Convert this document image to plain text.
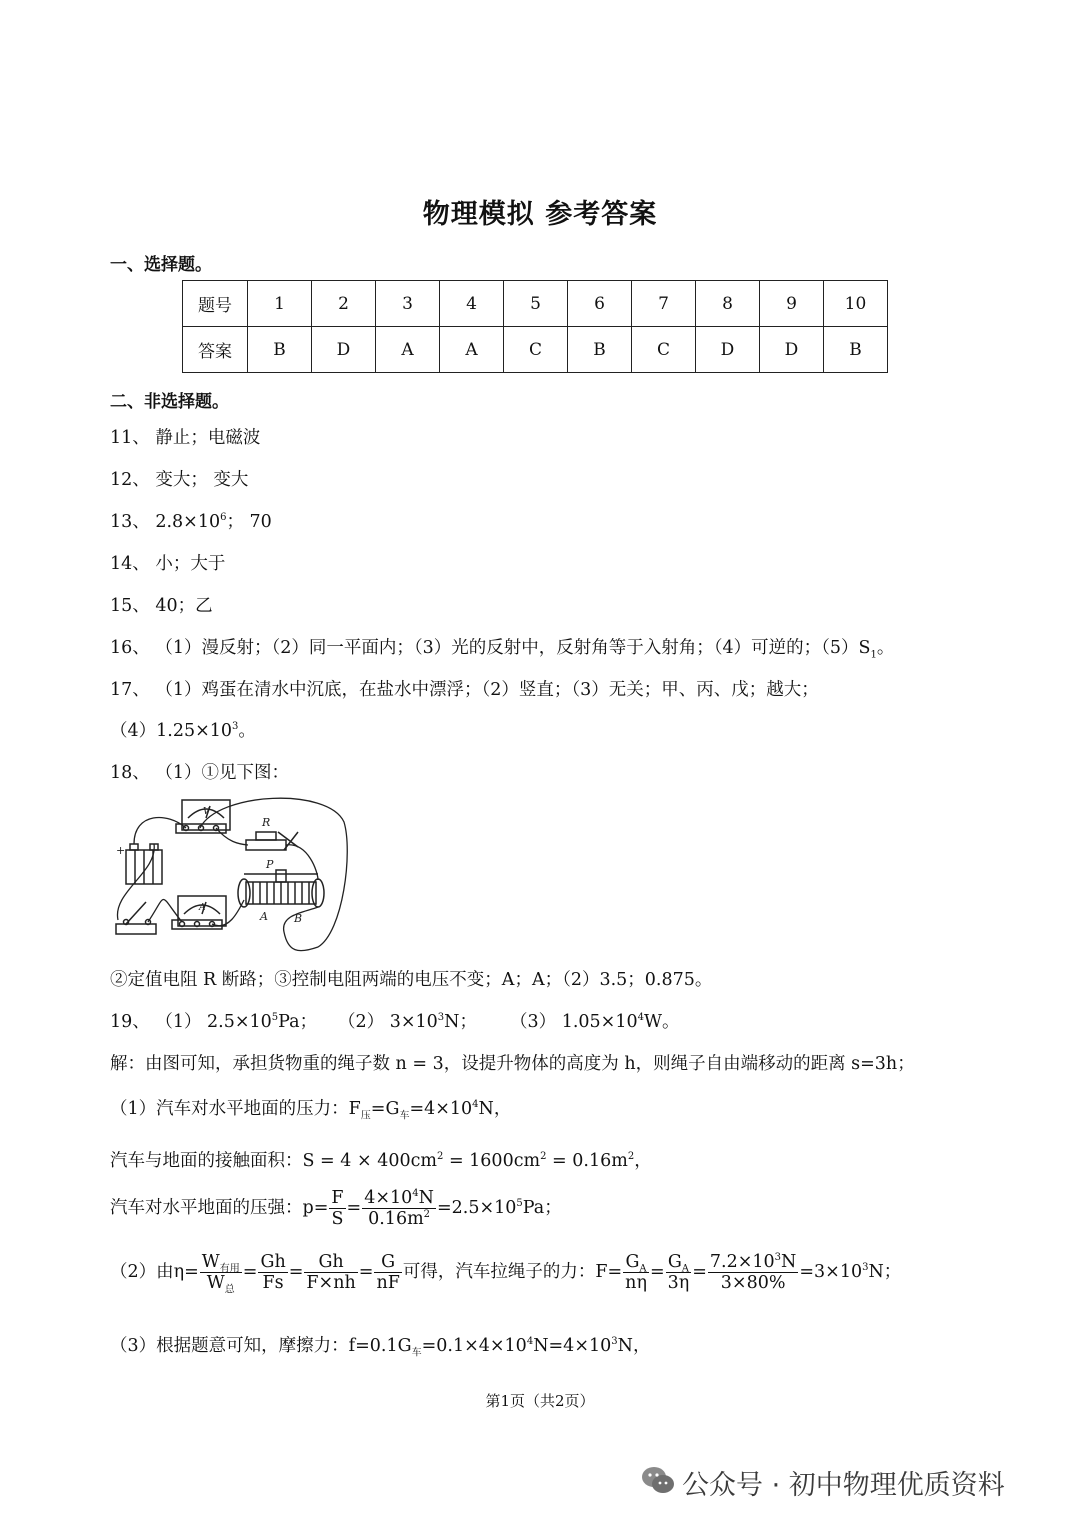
物理模拟 参考答案
一、选择题。
题号	1	2	3	4	5	6	7	8	9	10
答案	B	D	A	A	C	B	C	D	D	B
二、非选择题。
11、 静止；电磁波
12、 变大； 变大
13、 $2.8\times 10^6$； 70
14、 小；大于
15、 40；乙
16、 （1）漫反射；（2）同一平面内；（3）光的反射中，反射角等于入射角；（4）可逆的；$(5)S_1$。
17、 （1）鸡蛋在清水中沉底，在盐水中漂浮；（2）竖直；（3）无关；甲、丙、戊；越大；
$(4)1.25\times 10^3$。
18、 （1）①见下图：
+
V
R
P
A B
A
②定值电阻 R 断路；③控制电阻两端的电压不变；A；A；（2）3.5；0.875。
19、 （1） $2.5\times 10^5Pa$； （2） $3\times 10^3N$； （3） $1.05\times 10^4W$。
解：由图可知，承担货物重的绳子数 n = 3，设提升物体的高度为 h，则绳子自由端移动的距离 s=3h；
（1）汽车对水平地面的压力：$F_压=G_车=4\times 10^4N$，
汽车与地面的接触面积：$S = 4 \times 400cm^2 = 1600cm^2 = 0.16m^2$，
汽车对水平地面的压强：$p= \frac{F}{S} = \frac{4\times 10^4N}{0.16m^2} =2.5\times 10^5Pa$；
（2）由$\eta= \frac{W_{有用}}{W_总} = \frac{Gh}{Fs} = \frac{Gh}{F\times nh} = \frac{G}{nF}$ 可得，汽车拉绳子的力：$F= \frac{G_A}{n\eta} = \frac{G_A}{3\eta} = \frac{7.2\times 10^3N}{3\times 80\%} =3\times 10^3N$；
（3）根据题意可知，摩擦力：$f=0.1G_车=0.1\times 4\times 10^4N=4\times 10^3N$，
第1页（共2页）
公众号 · 初中物理优质资料
